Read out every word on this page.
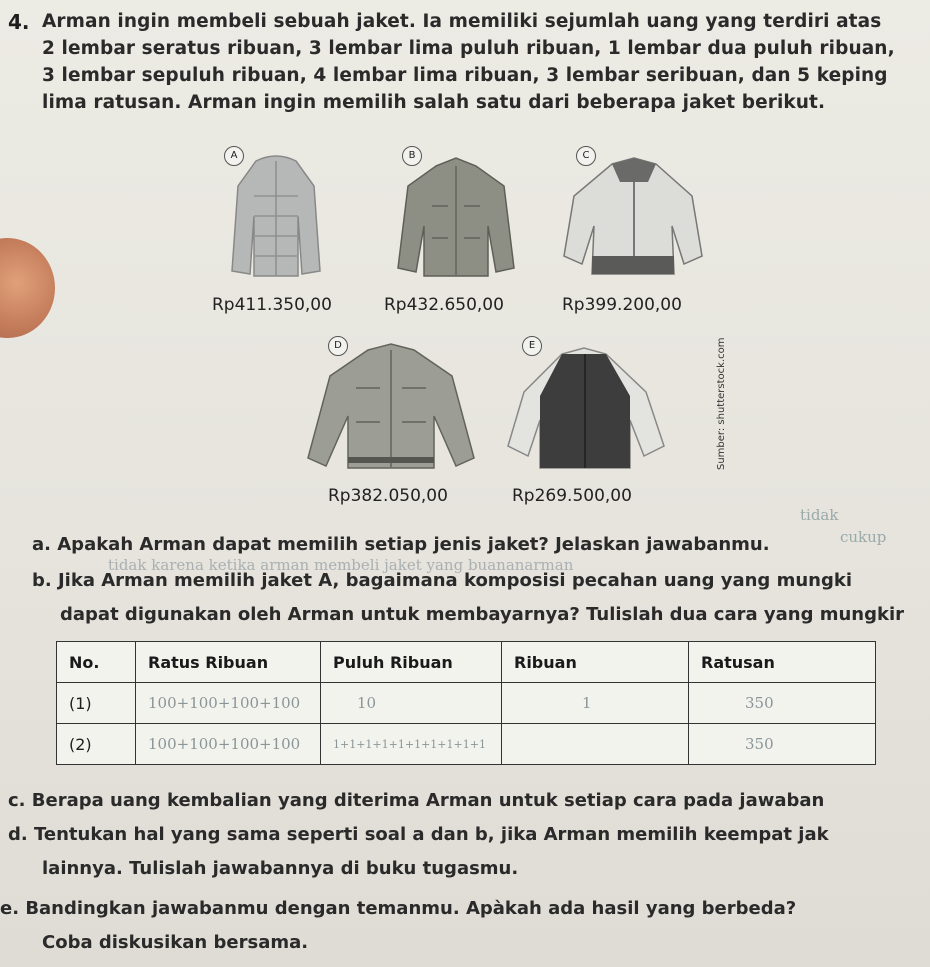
4. Arman ingin membeli sebuah jaket. Ia memiliki sejumlah uang yang terdiri atas
2 lembar seratus ribuan, 3 lembar lima puluh ribuan, 1 lembar dua puluh ribuan,
3 lembar sepuluh ribuan, 4 lembar lima ribuan, 3 lembar seribuan, dan 5 keping
lima ratusan. Arman ingin memilih salah satu dari beberapa jaket berikut.
A	B	C
Rp411.350,00	Rp432.650,00	Rp399.200,00
D	E
Rp382.050,00	Rp269.500,00
Sumber: shutterstock.com
tidak
cukup
a. Apakah Arman dapat memilih setiap jenis jaket? Jelaskan jawabanmu.
tidak karena ketika arman membeli jaket yang buananarman
b. Jika Arman memilih jaket A, bagaimana komposisi pecahan uang yang mungki
dapat digunakan oleh Arman untuk membayarnya? Tulislah dua cara yang mungkir
No.	Ratus Ribuan	Puluh Ribuan	Ribuan	Ratusan
(1)	100+100+100+100	10	1	350
(2)	100+100+100+100	1+1+1+1+1+1+1+1+1+1		350
c. Berapa uang kembalian yang diterima Arman untuk setiap cara pada jawaban
d. Tentukan hal yang sama seperti soal a dan b, jika Arman memilih keempat jak
lainnya. Tulislah jawabannya di buku tugasmu.
e. Bandingkan jawabanmu dengan temanmu. Apàkah ada hasil yang berbeda?
Coba diskusikan bersama.
